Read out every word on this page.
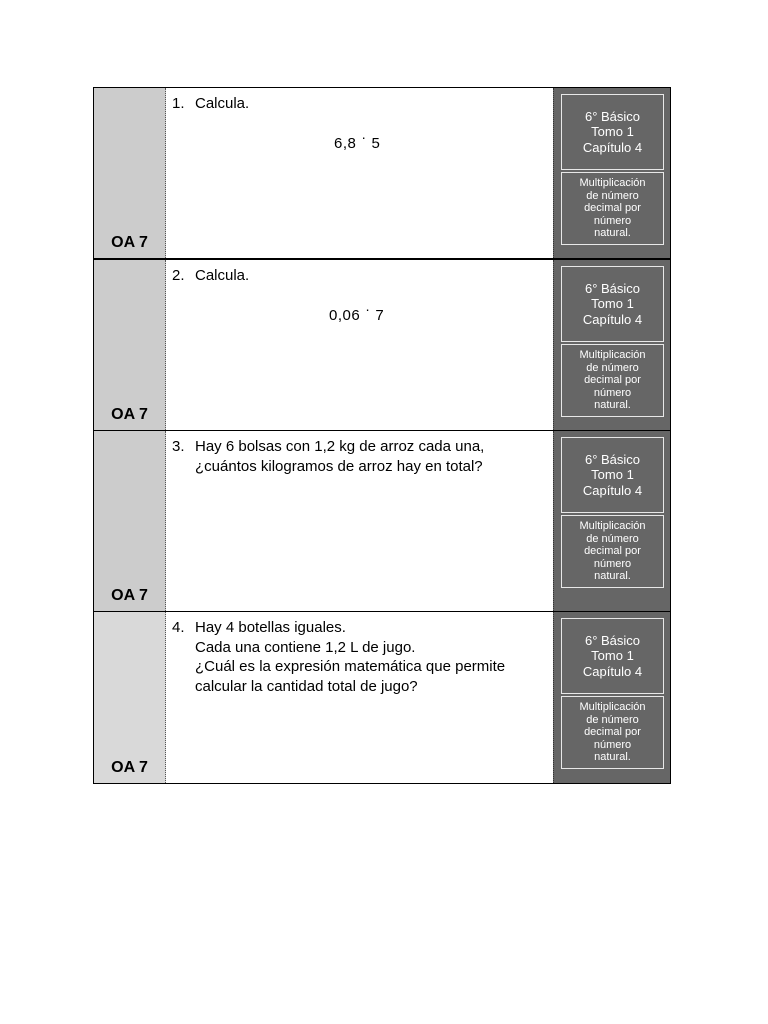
OA 7
1. Calcula.
6,8 · 5
6° Básico
Tomo 1
Capítulo 4
Multiplicación
de número
decimal por
número
natural.
OA 7
2. Calcula.
0,06 · 7
6° Básico
Tomo 1
Capítulo 4
Multiplicación
de número
decimal por
número
natural.
OA 7
3. Hay 6 bolsas con 1,2 kg de arroz cada una,
¿cuántos kilogramos de arroz hay en total?	6° Básico
Tomo 1
Capítulo 4
Multiplicación
de número
decimal por
número
natural.
OA 7
4. Hay 4 botellas iguales.
Cada una contiene 1,2 L de jugo.
¿Cuál es la expresión matemática que permite
calcular la cantidad total de jugo?
6° Básico
Tomo 1
Capítulo 4
Multiplicación
de número
decimal por
número
natural.
